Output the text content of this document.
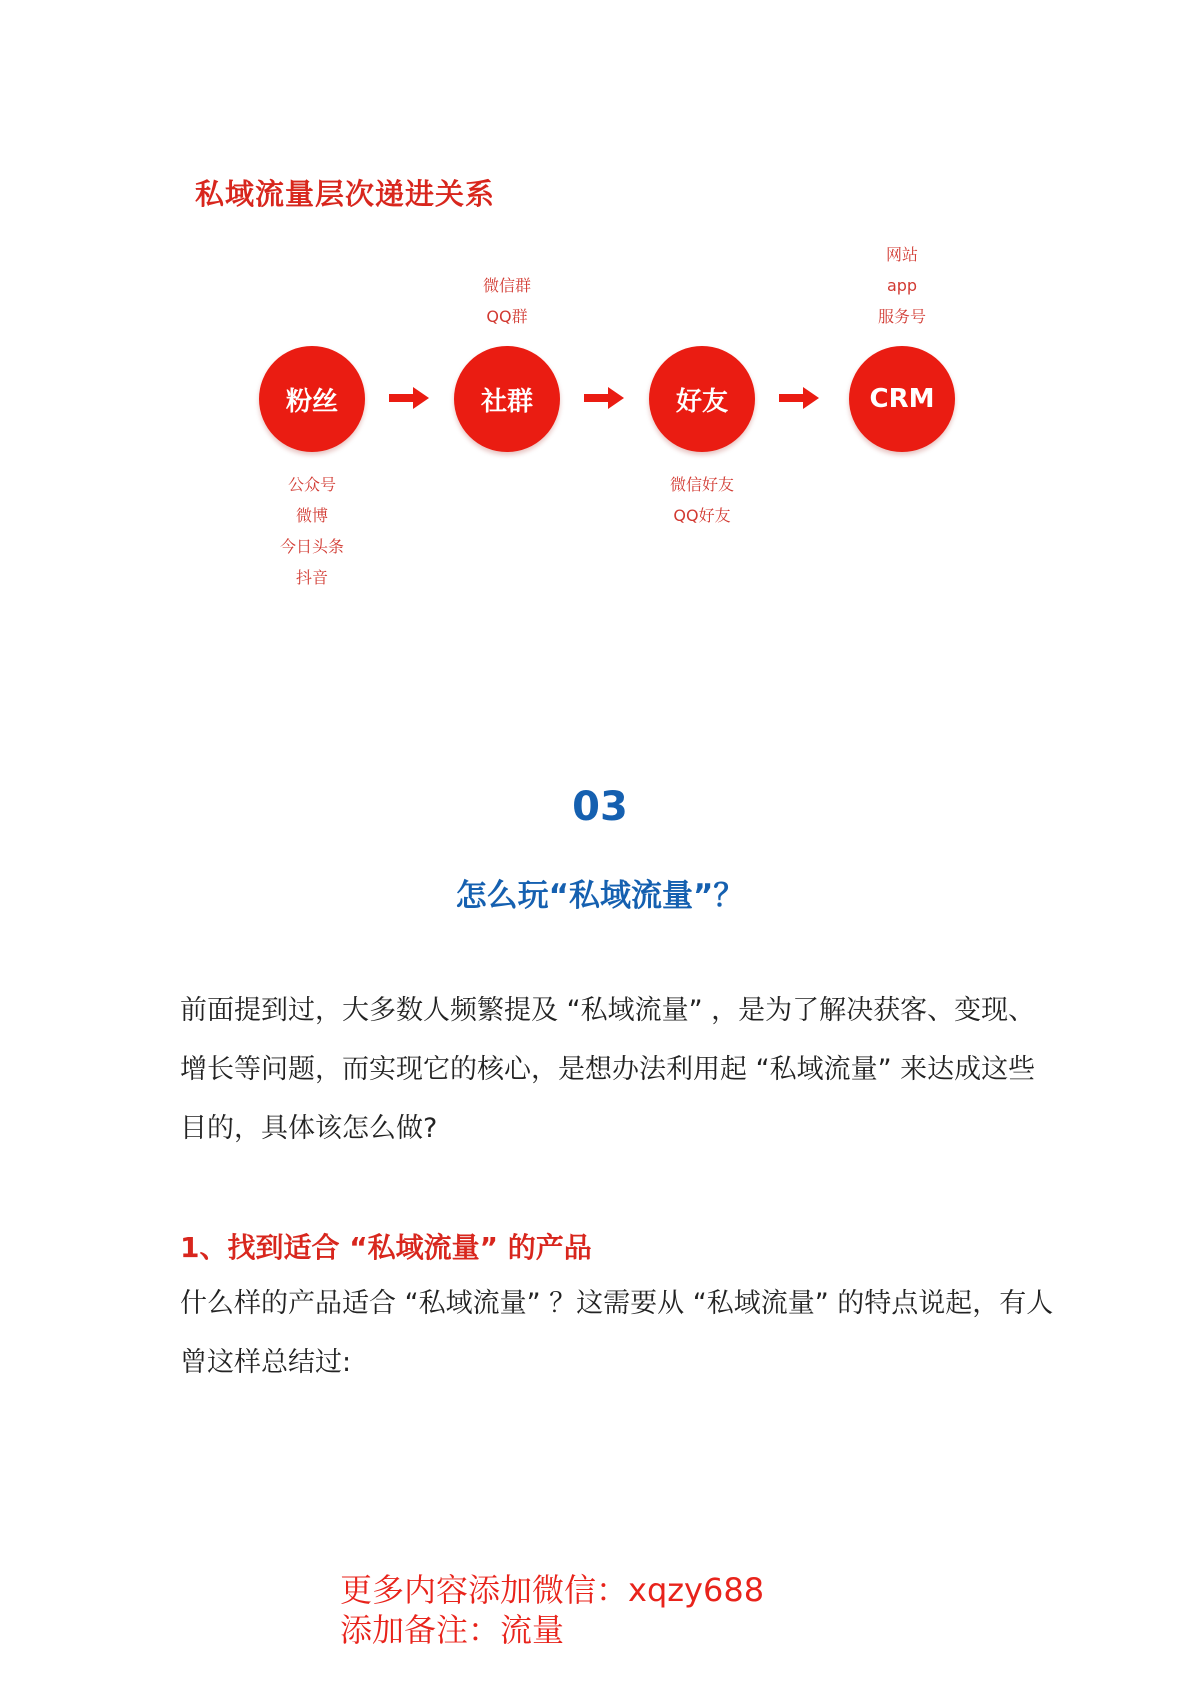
私域流量层次递进关系
微信群
QQ群
网站
app
服务号
粉丝	社群	好友	CRM
公众号
微博
今日头条
抖音
微信好友
QQ好友
03
怎么玩“私域流量”？
前面提到过，大多数人频繁提及 “私域流量” ，是为了解决获客、变现、增长等问题，而实现它的核心，是想办法利用起 “私域流量” 来达成这些目的，具体该怎么做?
1、找到适合 “私域流量” 的产品
什么样的产品适合 “私域流量” ？这需要从 “私域流量” 的特点说起，有人曾这样总结过:
更多内容添加微信：xqzy688
添加备注：流量
